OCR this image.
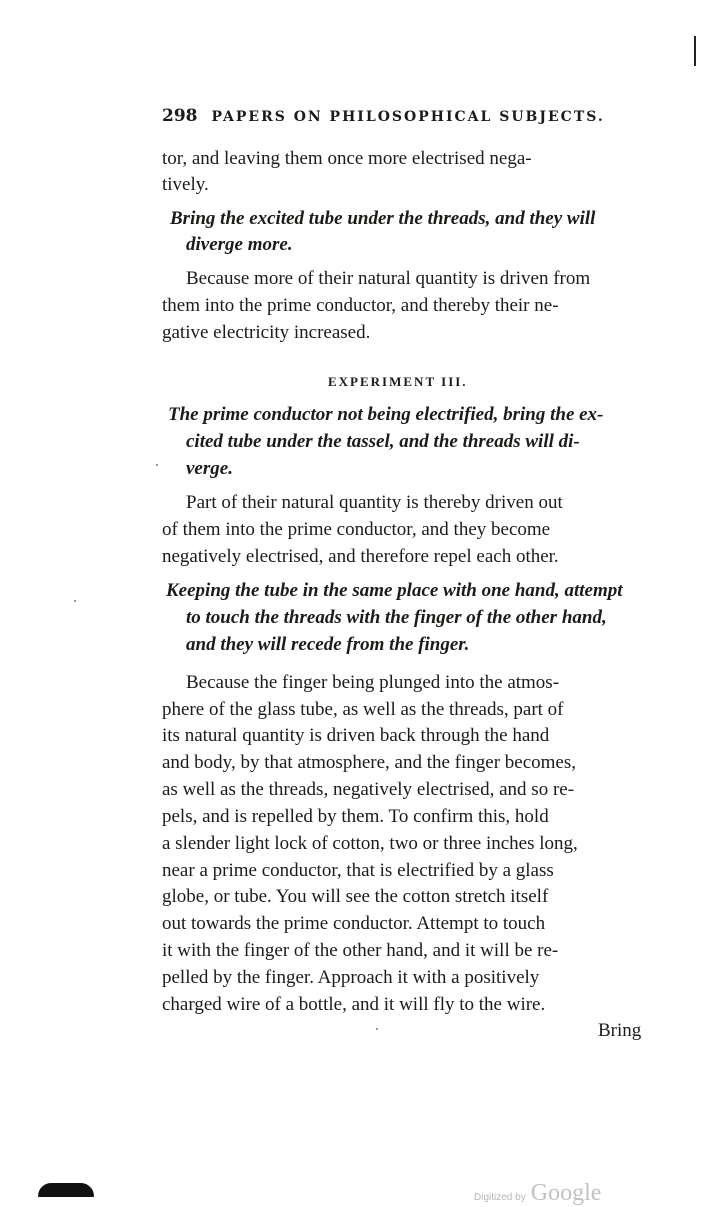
298 PAPERS ON PHILOSOPHICAL SUBJECTS.
tor, and leaving them once more electrised nega-
tively.
Bring the excited tube under the threads, and they will
diverge more.
Because more of their natural quantity is driven from
them into the prime conductor, and thereby their ne-
gative electricity increased.
EXPERIMENT III.
The prime conductor not being electrified, bring the ex-
cited tube under the tassel, and the threads will di-
verge.
Part of their natural quantity is thereby driven out
of them into the prime conductor, and they become
negatively electrised, and therefore repel each other.
Keeping the tube in the same place with one hand, attempt
to touch the threads with the finger of the other hand,
and they will recede from the finger.
Because the finger being plunged into the atmos-
phere of the glass tube, as well as the threads, part of
its natural quantity is driven back through the hand
and body, by that atmosphere, and the finger becomes,
as well as the threads, negatively electrised, and so re-
pels, and is repelled by them. To confirm this, hold
a slender light lock of cotton, two or three inches long,
near a prime conductor, that is electrified by a glass
globe, or tube. You will see the cotton stretch itself
out towards the prime conductor. Attempt to touch
it with the finger of the other hand, and it will be re-
pelled by the finger. Approach it with a positively
charged wire of a bottle, and it will fly to the wire.
Bring
Digitized by Google
